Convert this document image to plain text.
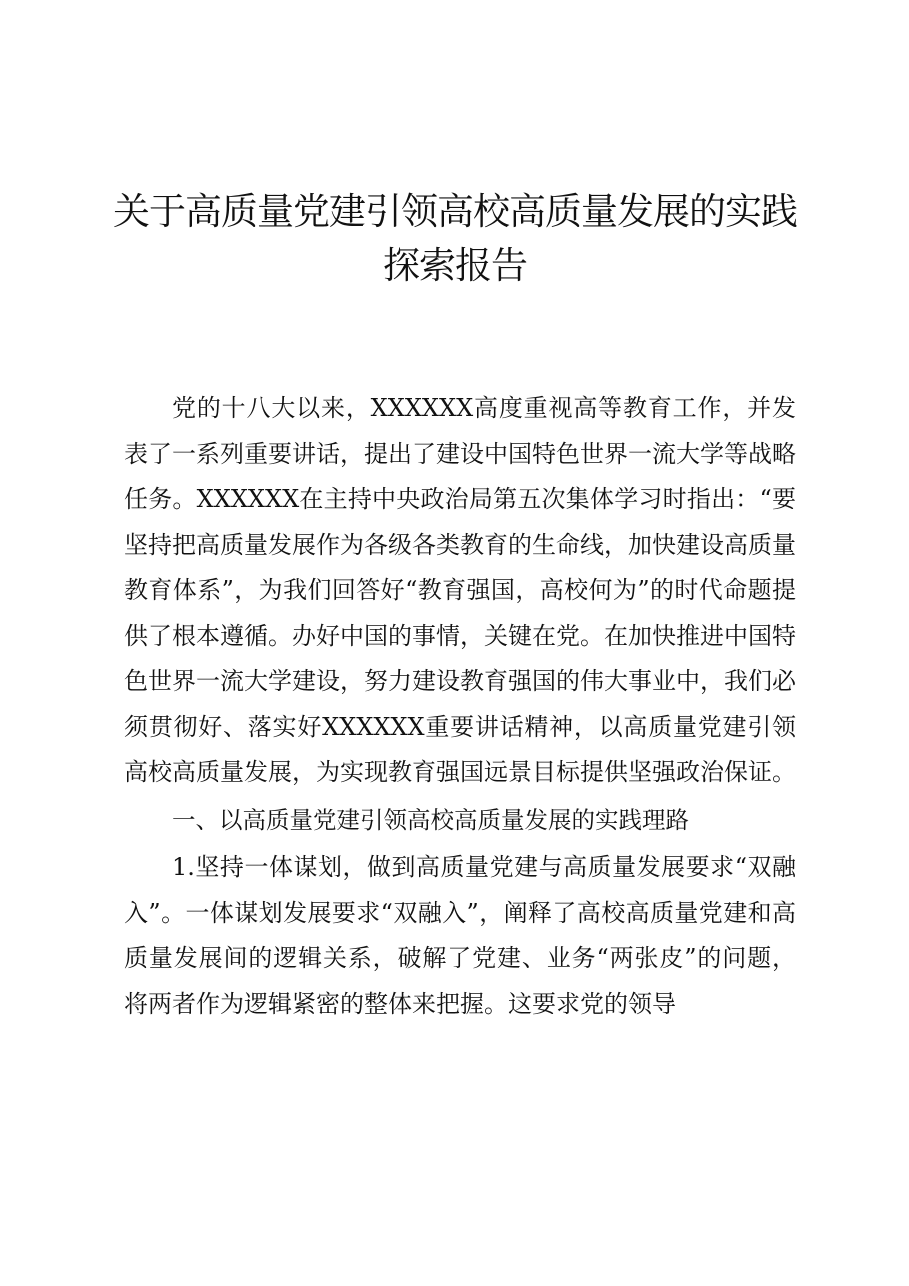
关于高质量党建引领高校高质量发展的实践探索报告

党的十八大以来，XXXXXX高度重视高等教育工作，并发表了一系列重要讲话，提出了建设中国特色世界一流大学等战略任务。XXXXXX在主持中央政治局第五次集体学习时指出：“要坚持把高质量发展作为各级各类教育的生命线，加快建设高质量教育体系”，为我们回答好“教育强国，高校何为”的时代命题提供了根本遵循。办好中国的事情，关键在党。在加快推进中国特色世界一流大学建设，努力建设教育强国的伟大事业中，我们必须贯彻好、落实好XXXXXX重要讲话精神，以高质量党建引领高校高质量发展，为实现教育强国远景目标提供坚强政治保证。

一、以高质量党建引领高校高质量发展的实践理路

1.坚持一体谋划，做到高质量党建与高质量发展要求“双融入”。一体谋划发展要求“双融入”，阐释了高校高质量党建和高质量发展间的逻辑关系，破解了党建、业务“两张皮”的问题，将两者作为逻辑紧密的整体来把握。这要求党的领导
